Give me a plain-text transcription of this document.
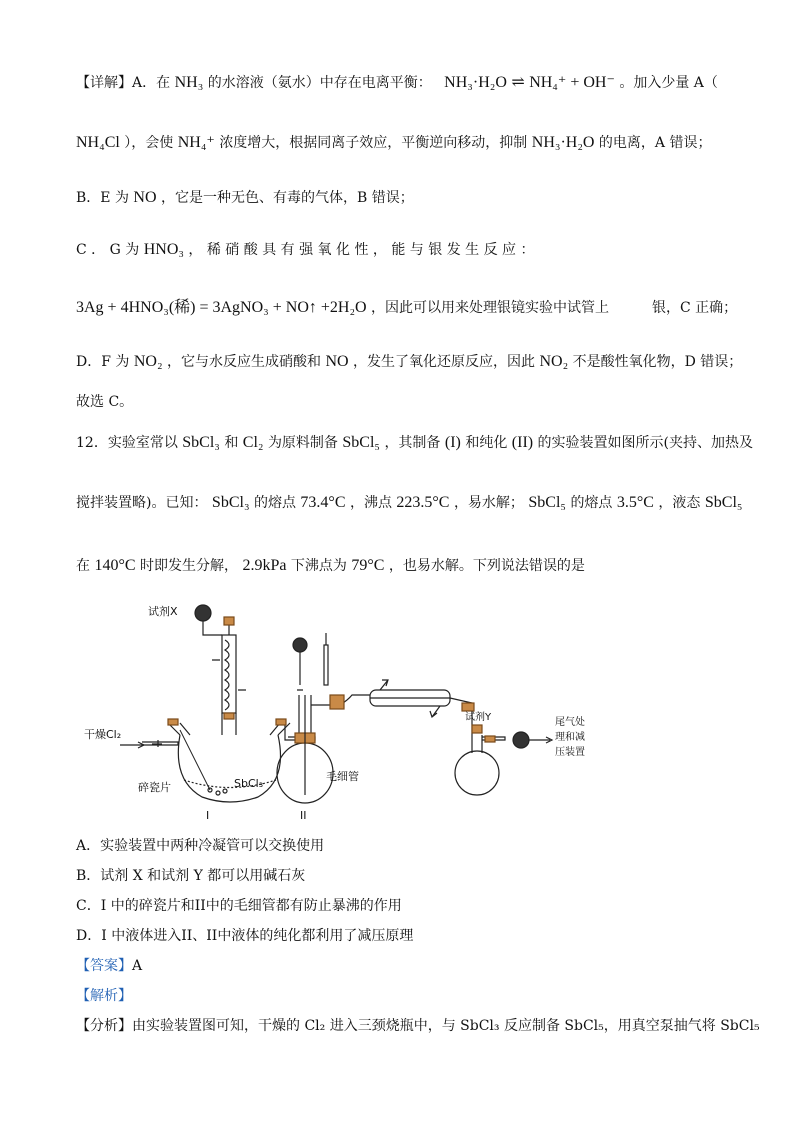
【详解】A．在 NH₃ 的水溶液（氨水）中存在电离平衡： NH₃·H₂O ⇌ NH₄⁺ + OH⁻ 。加入少量 A（
NH₄Cl ），会使 NH₄⁺ 浓度增大，根据同离子效应，平衡逆向移动，抑制 NH₃·H₂O 的电离，A 错误；
B．E 为 NO ，它是一种无色、有毒的气体，B 错误；
C ． G 为 HNO₃ ， 稀 硝 酸 具 有 强 氧 化 性 ， 能 与 银 发 生 反 应 ：
3Ag + 4HNO₃(稀) = 3AgNO₃ + NO↑ +2H₂O ，因此可以用来处理银镜实验中试管上	银，C 正确；
D．F 为 NO₂ ，它与水反应生成硝酸和 NO ，发生了氧化还原反应，因此 NO₂ 不是酸性氧化物，D 错误；
故选 C。
12．实验室常以 SbCl₃ 和 Cl₂ 为原料制备 SbCl₅ ，其制备 (I) 和纯化 (II) 的实验装置如图所示(夹持、加热及
搅拌装置略)。已知： SbCl₃ 的熔点 73.4°C ，沸点 223.5°C ，易水解； SbCl₅ 的熔点 3.5°C ，液态 SbCl₅
在 140°C 时即发生分解， 2.9kPa 下沸点为 79°C ，也易水解。下列说法错误的是
试剂X
干燥Cl₂
碎瓷片	SbCl₃
毛细管
试剂Y	尾气处
理和减
压装置
I	II
A．实验装置中两种冷凝管可以交换使用
B．试剂 X 和试剂 Y 都可以用碱石灰
C．I 中的碎瓷片和II中的毛细管都有防止暴沸的作用
D．I 中液体进入II、II中液体的纯化都利用了减压原理
【答案】A
【解析】
【分析】由实验装置图可知，干燥的 Cl₂ 进入三颈烧瓶中，与 SbCl₃ 反应制备 SbCl₅，用真空泵抽气将 SbCl₅
